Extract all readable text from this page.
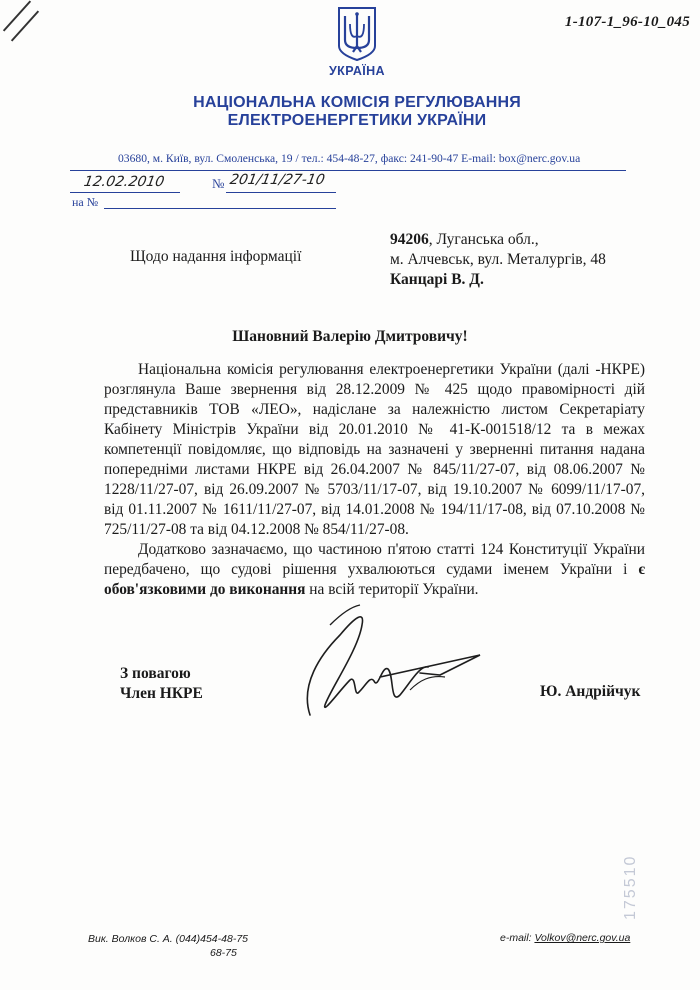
1-107-1_96-10_045
УКРАЇНА
НАЦІОНАЛЬНА КОМІСІЯ РЕГУЛЮВАННЯ
ЕЛЕКТРОЕНЕРГЕТИКИ УКРАЇНИ
03680, м. Київ, вул. Смоленська, 19 / тел.: 454-48-27, факс: 241-90-47 E-mail: box@nerc.gov.ua
12.02.2010	№ 201/11/27-10
на №
Щодо надання інформації
94206, Луганська обл.,
м. Алчевськ, вул. Металургів, 48
Канцарі В. Д.
Шановний Валерію Дмитровичу!

Національна комісія регулювання електроенергетики України (далі -НКРЕ) розглянула Ваше звернення від 28.12.2009 № 425 щодо правомірності дій представників ТОВ «ЛЕО», надіслане за належністю листом Секретаріату Кабінету Міністрів України від 20.01.2010 № 41-К-001518/12 та в межах компетенції повідомляє, що відповідь на зазначені у зверненні питання надана попередніми листами НКРЕ від 26.04.2007 № 845/11/27-07, від 08.06.2007 № 1228/11/27-07, від 26.09.2007 № 5703/11/17-07, від 19.10.2007 № 6099/11/17-07, від 01.11.2007 № 1611/11/27-07, від 14.01.2008 № 194/11/17-08, від 07.10.2008 № 725/11/27-08 та від 04.12.2008 № 854/11/27-08.

Додатково зазначаємо, що частиною п'ятою статті 124 Конституції України передбачено, що судові рішення ухвалюються судами іменем України і є обов'язковими до виконання на всій території України.

З повагою
Член НКРЕ	Ю. Андрійчук
175510
Вик. Волков С. А. (044)454-48-75
68-75
e-mail: Volkov@nerc.gov.ua
